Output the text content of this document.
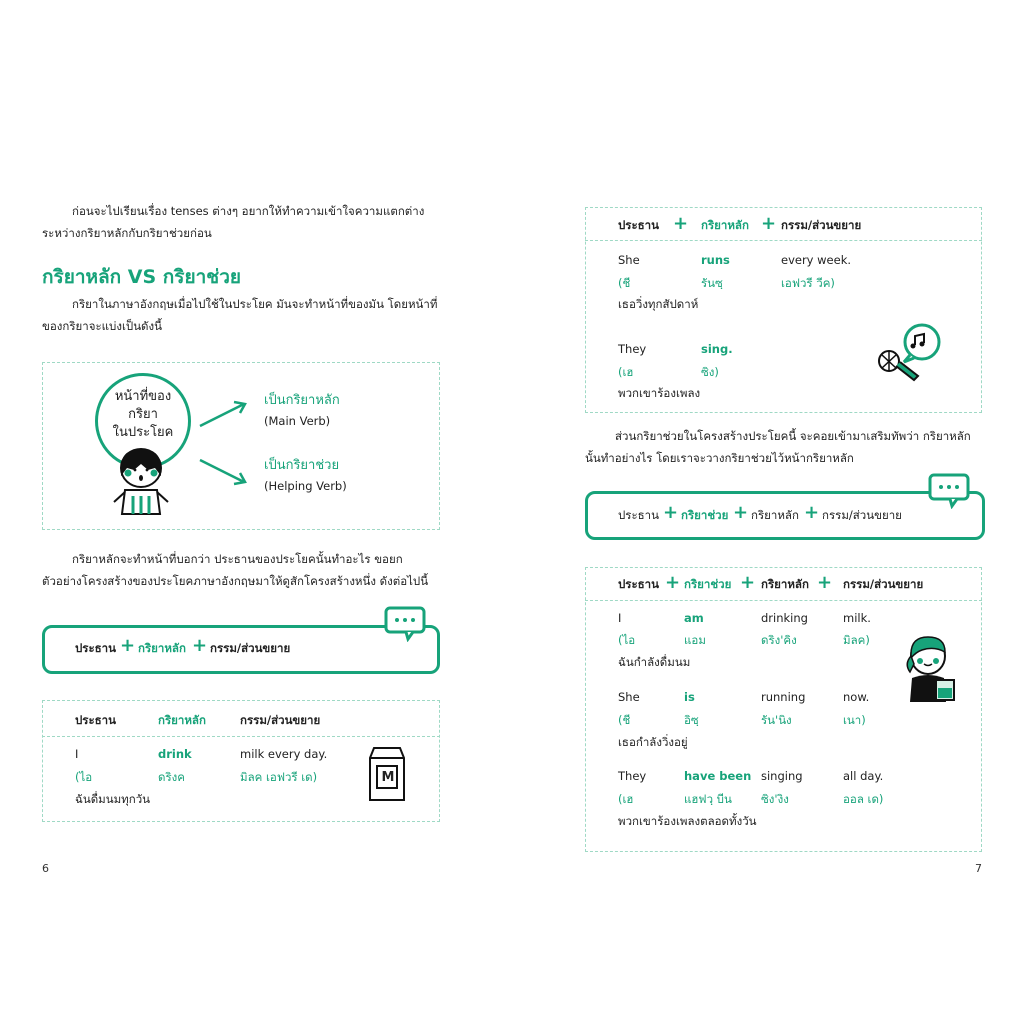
ก่อนจะไปเรียนเรื่อง tenses ต่างๆ อยากให้ทำความเข้าใจความแตกต่างระหว่างกริยาหลักกับกริยาช่วยก่อน
กริยาหลัก VS กริยาช่วย
กริยาในภาษาอังกฤษเมื่อไปใช้ในประโยค มันจะทำหน้าที่ของมัน โดยหน้าที่ของกริยาจะแบ่งเป็นดังนี้
หน้าที่ของ
กริยา
ในประโยค
เป็นกริยาหลัก
(Main Verb)
เป็นกริยาช่วย
(Helping Verb)
กริยาหลักจะทำหน้าที่บอกว่า ประธานของประโยคนั้นทำอะไร ขอยกตัวอย่างโครงสร้างของประโยคภาษาอังกฤษมาให้ดูสักโครงสร้างหนึ่ง ดังต่อไปนี้
ประธาน + กริยาหลัก + กรรม/ส่วนขยาย
ประธาน	กริยาหลัก	กรรม/ส่วนขยาย
I	drink	milk every day.
(ไอ	ดริงค	มิลค เอฟวรี เด)
ฉันดื่มนมทุกวัน
M
6
ประธาน + กริยาหลัก + กรรม/ส่วนขยาย
She	runs	every week.
(ชี	รันซฺ	เอฟวรี วีค)
เธอวิ่งทุกสัปดาห์
They	sing.
(เฮ	ซิง)
พวกเขาร้องเพลง
ส่วนกริยาช่วยในโครงสร้างประโยคนี้ จะคอยเข้ามาเสริมทัพว่า กริยาหลักนั้นทำอย่างไร โดยเราจะวางกริยาช่วยไว้หน้ากริยาหลัก
ประธาน + กริยาช่วย + กริยาหลัก + กรรม/ส่วนขยาย
ประธาน + กริยาช่วย + กริยาหลัก + กรรม/ส่วนขยาย
I	am	drinking	milk.
(ไอ	แอม	ดริง'คิง	มิลค)
ฉันกำลังดื่มนม
She	is	running	now.
(ชี	อิซฺ	รัน'นิง	เนา)
เธอกำลังวิ่งอยู่
They	have been singing	all day.
(เฮ	แฮฟวฺ บีน	ซิง'งิง	ออล เด)
พวกเขาร้องเพลงตลอดทั้งวัน
7
